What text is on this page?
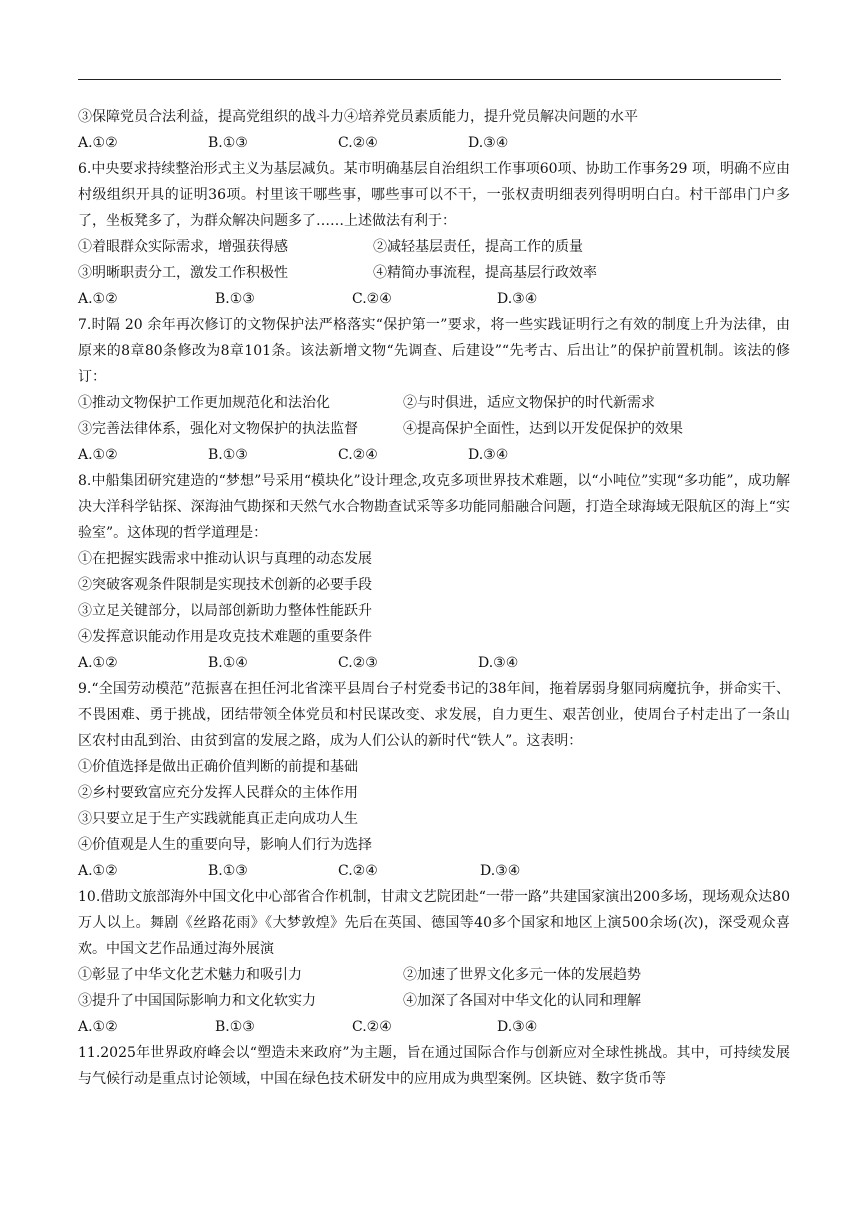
③保障党员合法利益，提高党组织的战斗力④培养党员素质能力，提升党员解决问题的水平
A.①②	B.①③	C.②④	D.③④
6.中央要求持续整治形式主义为基层减负。某市明确基层自治组织工作事项60项、协助工作事务29 项，明确不应由村级组织开具的证明36项。村里该干哪些事，哪些事可以不干，一张权责明细表列得明明白白。村干部串门户多了，坐板凳多了，为群众解决问题多了……上述做法有利于：
①着眼群众实际需求，增强获得感	②减轻基层责任，提高工作的质量
③明晰职责分工，激发工作积极性	④精简办事流程，提高基层行政效率
A.①②	B.①③	C.②④	D.③④
7.时隔 20 余年再次修订的文物保护法严格落实“保护第一”要求，将一些实践证明行之有效的制度上升为法律，由原来的8章80条修改为8章101条。该法新增文物“先调查、后建设”“先考古、后出让”的保护前置机制。该法的修订：
①推动文物保护工作更加规范化和法治化	②与时俱进，适应文物保护的时代新需求
③完善法律体系，强化对文物保护的执法监督	④提高保护全面性，达到以开发促保护的效果
A.①②	B.①③	C.②④	D.③④
8.中船集团研究建造的“梦想”号采用“模块化”设计理念,攻克多项世界技术难题，以“小吨位”实现“多功能”，成功解决大洋科学钻探、深海油气勘探和天然气水合物勘查试采等多功能同船融合问题，打造全球海域无限航区的海上“实验室”。这体现的哲学道理是：
①在把握实践需求中推动认识与真理的动态发展
②突破客观条件限制是实现技术创新的必要手段
③立足关键部分，以局部创新助力整体性能跃升
④发挥意识能动作用是攻克技术难题的重要条件
A.①②	B.①④	C.②③	D.③④
9.“全国劳动模范”范振喜在担任河北省滦平县周台子村党委书记的38年间，拖着孱弱身躯同病魔抗争，拼命实干、不畏困难、勇于挑战，团结带领全体党员和村民谋改变、求发展，自力更生、艰苦创业，使周台子村走出了一条山区农村由乱到治、由贫到富的发展之路，成为人们公认的新时代“铁人”。这表明：
①价值选择是做出正确价值判断的前提和基础
②乡村要致富应充分发挥人民群众的主体作用
③只要立足于生产实践就能真正走向成功人生
④价值观是人生的重要向导，影响人们行为选择
A.①②	B.①③	C.②④	D.③④
10.借助文旅部海外中国文化中心部省合作机制，甘肃文艺院团赴“一带一路”共建国家演出200多场，现场观众达80万人以上。舞剧《丝路花雨》《大梦敦煌》先后在英国、德国等40多个国家和地区上演500余场(次)，深受观众喜欢。中国文艺作品通过海外展演
①彰显了中华文化艺术魅力和吸引力	②加速了世界文化多元一体的发展趋势
③提升了中国国际影响力和文化软实力	④加深了各国对中华文化的认同和理解
A.①②	B.①③	C.②④	D.③④
11.2025年世界政府峰会以“塑造未来政府”为主题，旨在通过国际合作与创新应对全球性挑战。其中，可持续发展与气候行动是重点讨论领域，中国在绿色技术研发中的应用成为典型案例。区块链、数字货币等
